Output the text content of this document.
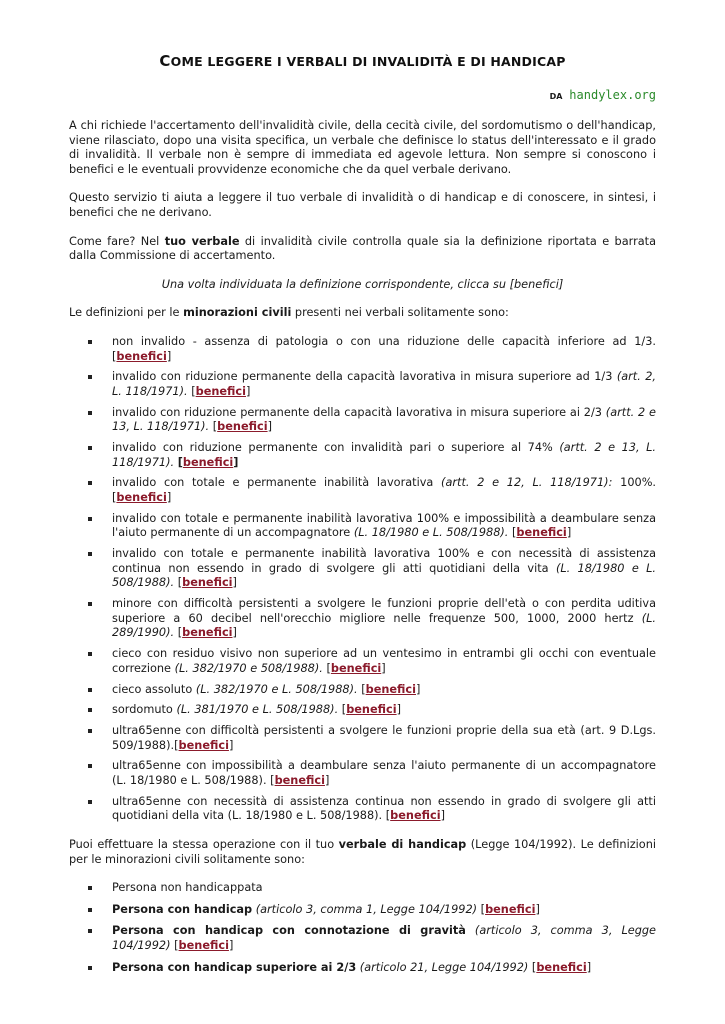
COME LEGGERE I VERBALI DI INVALIDITÀ E DI HANDICAP
DA handylex.org

A chi richiede l'accertamento dell'invalidità civile, della cecità civile, del sordomutismo o dell'handicap, viene rilasciato, dopo una visita specifica, un verbale che definisce lo status dell'interessato e il grado di invalidità. Il verbale non è sempre di immediata ed agevole lettura. Non sempre si conoscono i benefici e le eventuali provvidenze economiche che da quel verbale derivano.

Questo servizio ti aiuta a leggere il tuo verbale di invalidità o di handicap e di conoscere, in sintesi, i benefici che ne derivano.

Come fare? Nel tuo verbale di invalidità civile controlla quale sia la definizione riportata e barrata dalla Commissione di accertamento.

Una volta individuata la definizione corrispondente, clicca su [benefici]

Le definizioni per le minorazioni civili presenti nei verbali solitamente sono:

non invalido - assenza di patologia o con una riduzione delle capacità inferiore ad 1/3. [benefici]
invalido con riduzione permanente della capacità lavorativa in misura superiore ad 1/3 (art. 2, L. 118/1971). [benefici]
invalido con riduzione permanente della capacità lavorativa in misura superiore ai 2/3 (artt. 2 e 13, L. 118/1971). [benefici]
invalido con riduzione permanente con invalidità pari o superiore al 74% (artt. 2 e 13, L. 118/1971). [benefici]
invalido con totale e permanente inabilità lavorativa (artt. 2 e 12, L. 118/1971): 100%. [benefici]
invalido con totale e permanente inabilità lavorativa 100% e impossibilità a deambulare senza l'aiuto permanente di un accompagnatore (L. 18/1980 e L. 508/1988). [benefici]
invalido con totale e permanente inabilità lavorativa 100% e con necessità di assistenza continua non essendo in grado di svolgere gli atti quotidiani della vita (L. 18/1980 e L. 508/1988). [benefici]
minore con difficoltà persistenti a svolgere le funzioni proprie dell'età o con perdita uditiva superiore a 60 decibel nell'orecchio migliore nelle frequenze 500, 1000, 2000 hertz (L. 289/1990). [benefici]
cieco con residuo visivo non superiore ad un ventesimo in entrambi gli occhi con eventuale correzione (L. 382/1970 e 508/1988). [benefici]
cieco assoluto (L. 382/1970 e L. 508/1988). [benefici]
sordomuto (L. 381/1970 e L. 508/1988). [benefici]
ultra65enne con difficoltà persistenti a svolgere le funzioni proprie della sua età (art. 9 D.Lgs. 509/1988).[benefici]
ultra65enne con impossibilità a deambulare senza l'aiuto permanente di un accompagnatore (L. 18/1980 e L. 508/1988). [benefici]
ultra65enne con necessità di assistenza continua non essendo in grado di svolgere gli atti quotidiani della vita (L. 18/1980 e L. 508/1988). [benefici]

Puoi effettuare la stessa operazione con il tuo verbale di handicap (Legge 104/1992). Le definizioni per le minorazioni civili solitamente sono:

Persona non handicappata
Persona con handicap (articolo 3, comma 1, Legge 104/1992) [benefici]
Persona con handicap con connotazione di gravità (articolo 3, comma 3, Legge 104/1992) [benefici]
Persona con handicap superiore ai 2/3 (articolo 21, Legge 104/1992) [benefici]
